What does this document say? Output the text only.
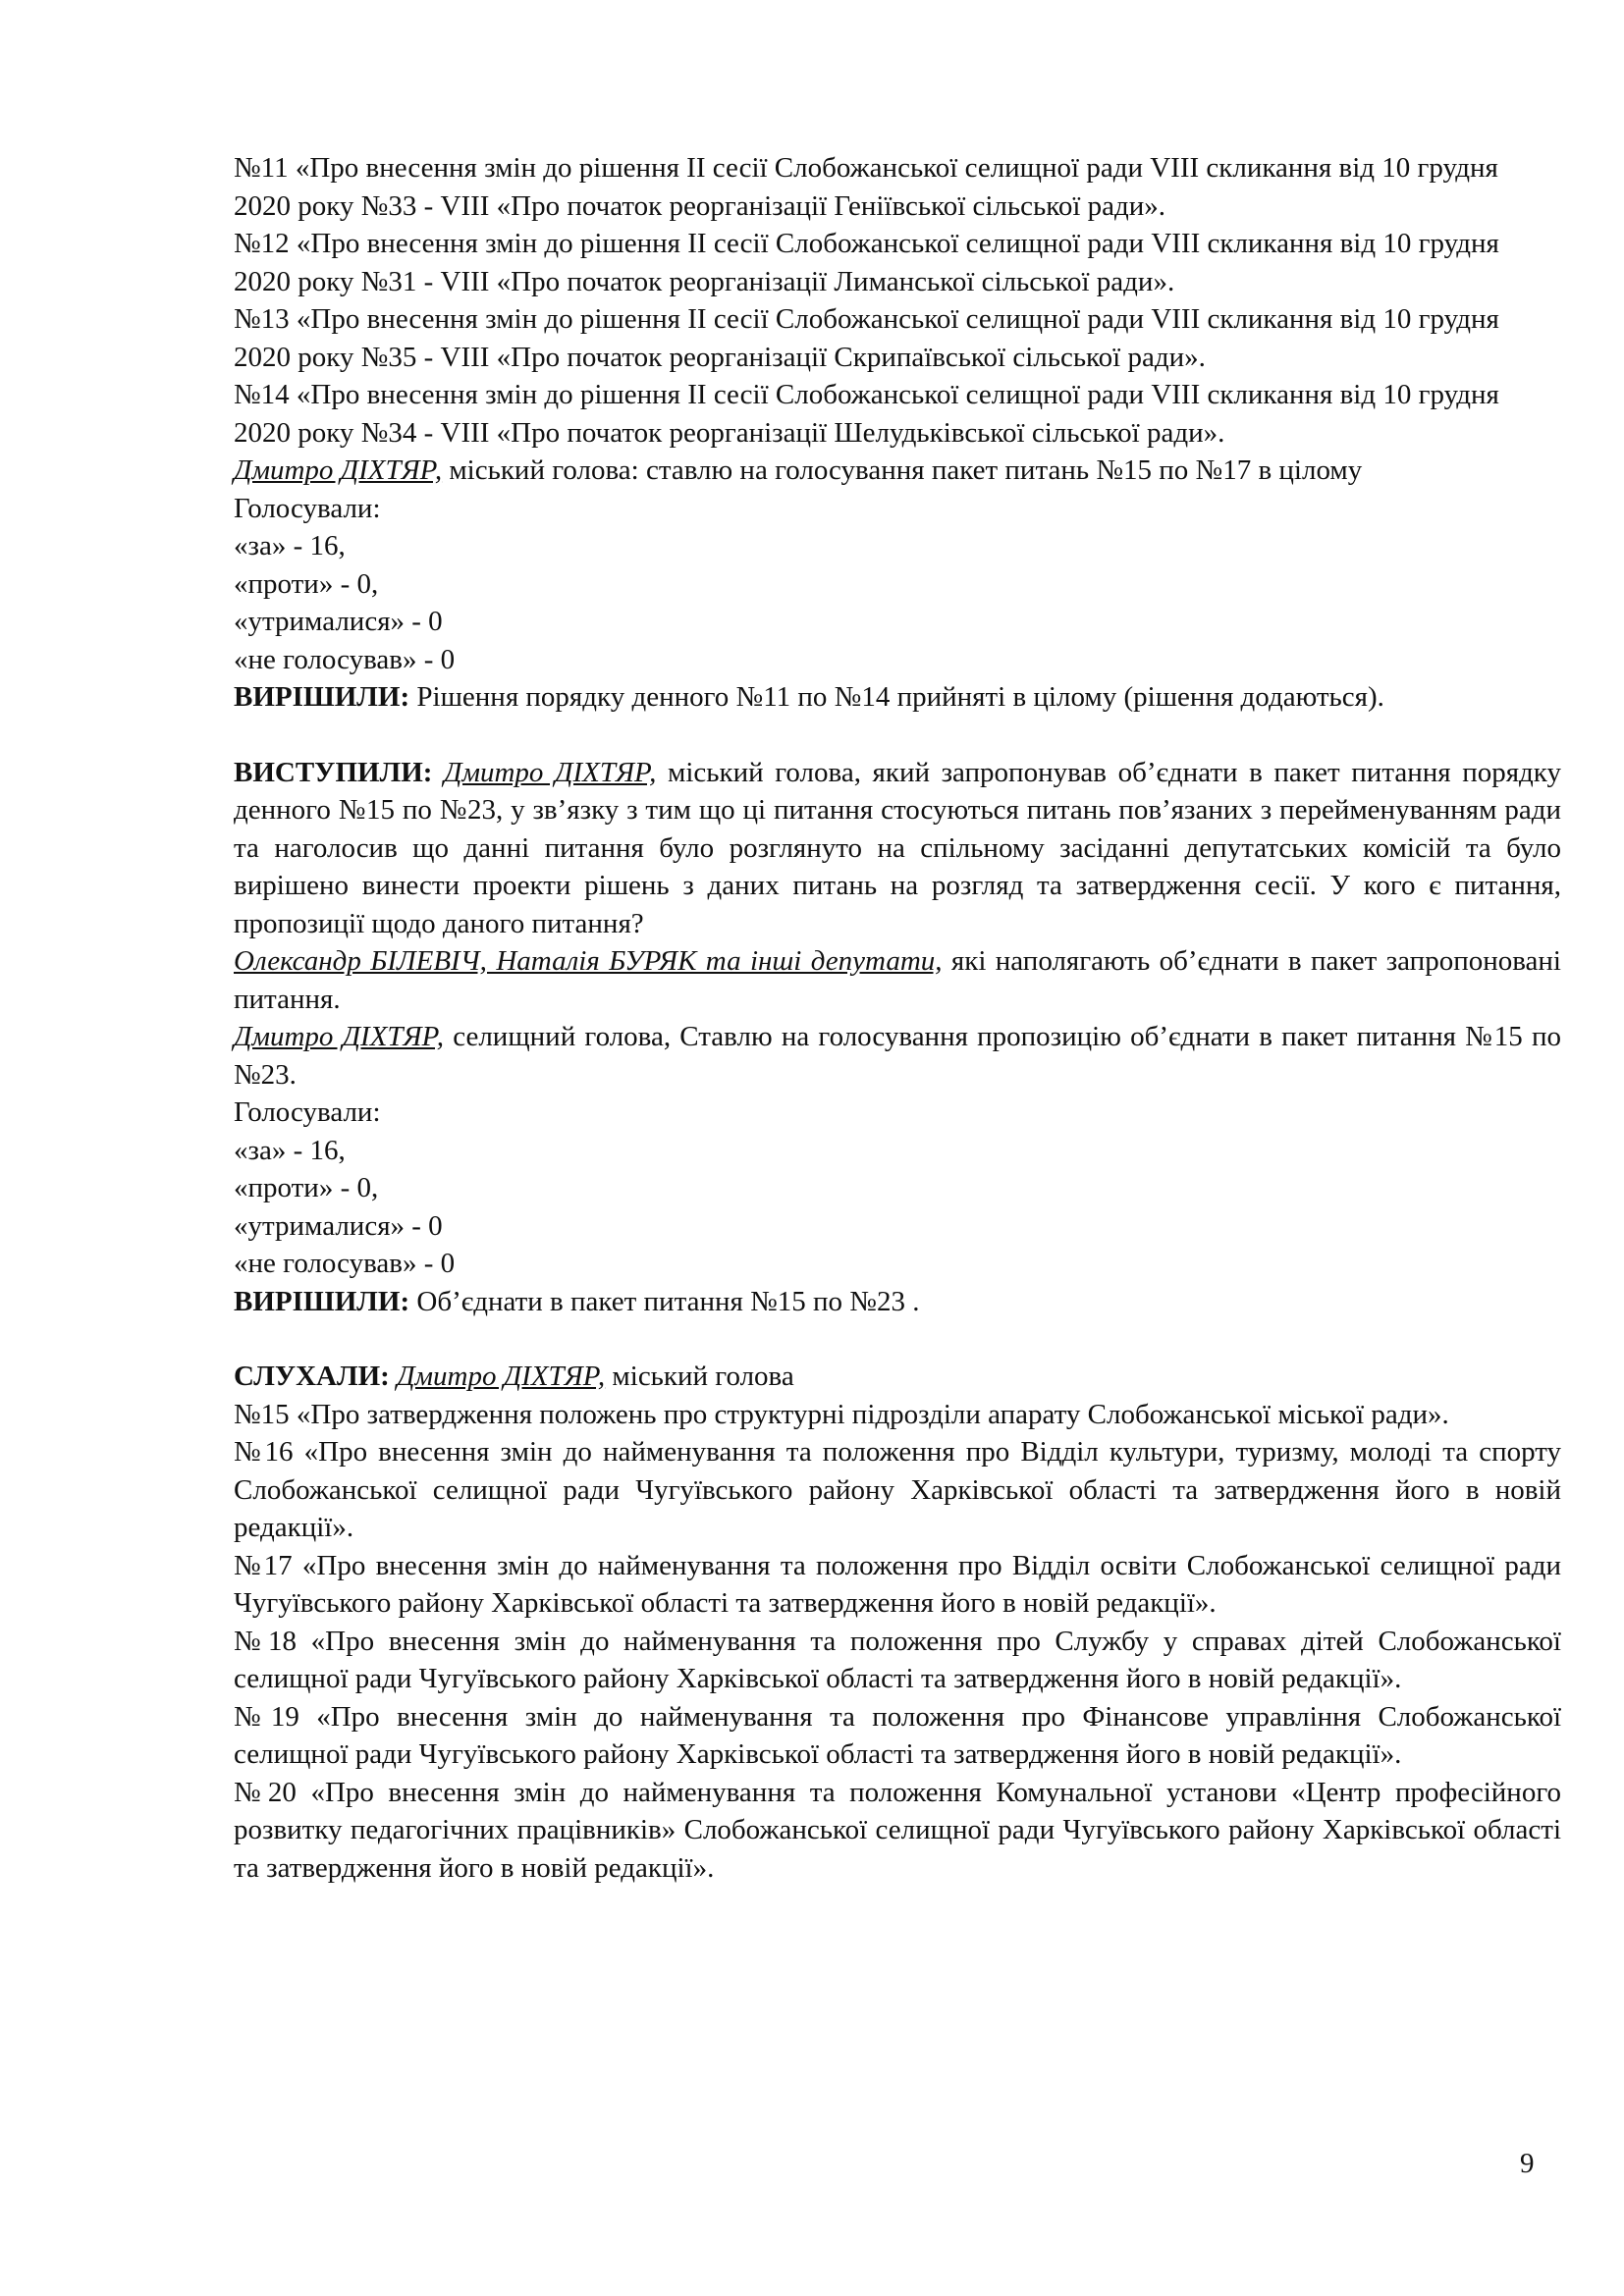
№11 «Про внесення змін до рішення ІІ сесії Слобожанської селищної ради VІІІ скликання від 10 грудня 2020 року №33 - VIII «Про початок реорганізації Геніївської сільської ради».

№12 «Про внесення змін до рішення ІІ сесії Слобожанської селищної ради VІІІ скликання від 10 грудня 2020 року №31 - VIII «Про початок реорганізації Лиманської сільської ради».

№13 «Про внесення змін до рішення ІІ сесії Слобожанської селищної ради VІІІ скликання від 10 грудня 2020 року №35 - VIII «Про початок реорганізації Скрипаївської сільської ради».

№14 «Про внесення змін до рішення ІІ сесії Слобожанської селищної ради VІІІ скликання від 10 грудня 2020 року №34 - VIII «Про початок реорганізації Шелудьківської сільської ради».

Дмитро ДІХТЯР, міський голова: ставлю на голосування пакет питань №15 по №17 в цілому

Голосували:

«за» - 16,

«проти» - 0,

«утрималися» - 0

«не голосував» - 0

ВИРІШИЛИ: Рішення порядку денного №11 по №14 прийняті в цілому (рішення додаються).

ВИСТУПИЛИ: Дмитро ДІХТЯР, міський голова, який запропонував об’єднати в пакет питання порядку денного №15 по №23, у зв’язку з тим що ці питання стосуються питань пов’язаних з перейменуванням ради та наголосив що данні питання було розглянуто на спільному засіданні депутатських комісій та було вирішено винести проекти рішень з даних питань на розгляд та затвердження сесії. У кого є питання, пропозиції щодо даного питання?

Олександр БІЛЕВІЧ, Наталія БУРЯК та інші депутати, які наполягають об’єднати в пакет запропоновані питання.

Дмитро ДІХТЯР, селищний голова, Ставлю на голосування пропозицію об’єднати в пакет питання №15 по №23.

Голосували:

«за» - 16,

«проти» - 0,

«утрималися» - 0

«не голосував» - 0

ВИРІШИЛИ: Об’єднати в пакет питання №15 по №23 .

СЛУХАЛИ: Дмитро ДІХТЯР, міський голова

№15 «Про затвердження положень про структурні підрозділи апарату Слобожанської міської ради».

№16 «Про внесення змін до найменування та положення про Відділ культури, туризму, молоді та спорту Слобожанської селищної ради Чугуївського району Харківської області та затвердження його в новій редакції».

№17 «Про внесення змін до найменування та положення про Відділ освіти Слобожанської селищної ради Чугуївського району Харківської області та затвердження його в новій редакції».

№18 «Про внесення змін до найменування та положення про Службу у справах дітей Слобожанської селищної ради Чугуївського району Харківської області та затвердження його в новій редакції».

№19 «Про внесення змін до найменування та положення про Фінансове управління Слобожанської селищної ради Чугуївського району Харківської області та затвердження його в новій редакції».

№20 «Про внесення змін до найменування та положення Комунальної установи «Центр професійного розвитку педагогічних працівників» Слобожанської селищної ради Чугуївського району Харківської області та затвердження його в новій редакції».

9
